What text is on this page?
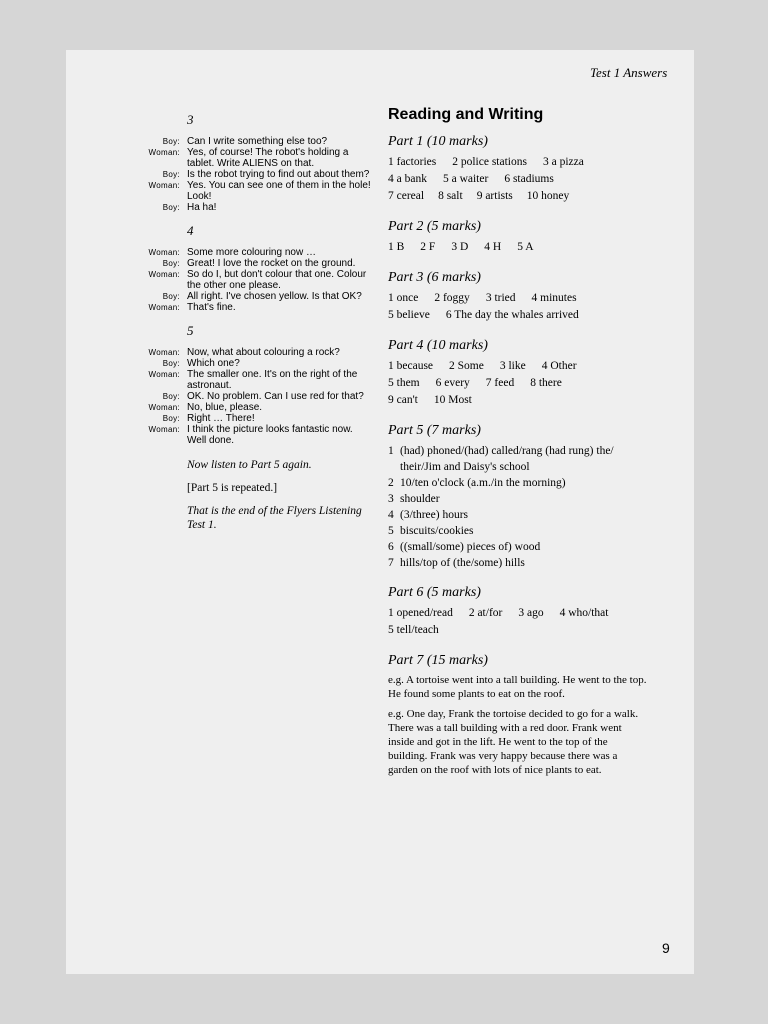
Test 1 Answers
3
Boy: Can I write something else too?
Woman: Yes, of course! The robot's holding a tablet. Write ALIENS on that.
Boy: Is the robot trying to find out about them?
Woman: Yes. You can see one of them in the hole! Look!
Boy: Ha ha!
4
Woman: Some more colouring now …
Boy: Great! I love the rocket on the ground.
Woman: So do I, but don't colour that one. Colour the other one please.
Boy: All right. I've chosen yellow. Is that OK?
Woman: That's fine.
5
Woman: Now, what about colouring a rock?
Boy: Which one?
Woman: The smaller one. It's on the right of the astronaut.
Boy: OK. No problem. Can I use red for that?
Woman: No, blue, please.
Boy: Right … There!
Woman: I think the picture looks fantastic now. Well done.
Now listen to Part 5 again.
[Part 5 is repeated.]
That is the end of the Flyers Listening Test 1.
Reading and Writing
Part 1 (10 marks)
1 factories 2 police stations 3 a pizza
4 a bank 5 a waiter 6 stadiums
7 cereal 8 salt 9 artists 10 honey
Part 2 (5 marks)
1 B 2 F 3 D 4 H 5 A
Part 3 (6 marks)
1 once 2 foggy 3 tried 4 minutes
5 believe 6 The day the whales arrived
Part 4 (10 marks)
1 because 2 Some 3 like 4 Other
5 them 6 every 7 feed 8 there
9 can't 10 Most
Part 5 (7 marks)
1 (had) phoned/(had) called/rang (had rung) the/ their/Jim and Daisy's school
2 10/ten o'clock (a.m./in the morning)
3 shoulder
4 (3/three) hours
5 biscuits/cookies
6 ((small/some) pieces of) wood
7 hills/top of (the/some) hills
Part 6 (5 marks)
1 opened/read 2 at/for 3 ago 4 who/that
5 tell/teach
Part 7 (15 marks)
e.g. A tortoise went into a tall building. He went to the top. He found some plants to eat on the roof.
e.g. One day, Frank the tortoise decided to go for a walk. There was a tall building with a red door. Frank went inside and got in the lift. He went to the top of the building. Frank was very happy because there was a garden on the roof with lots of nice plants to eat.
9
